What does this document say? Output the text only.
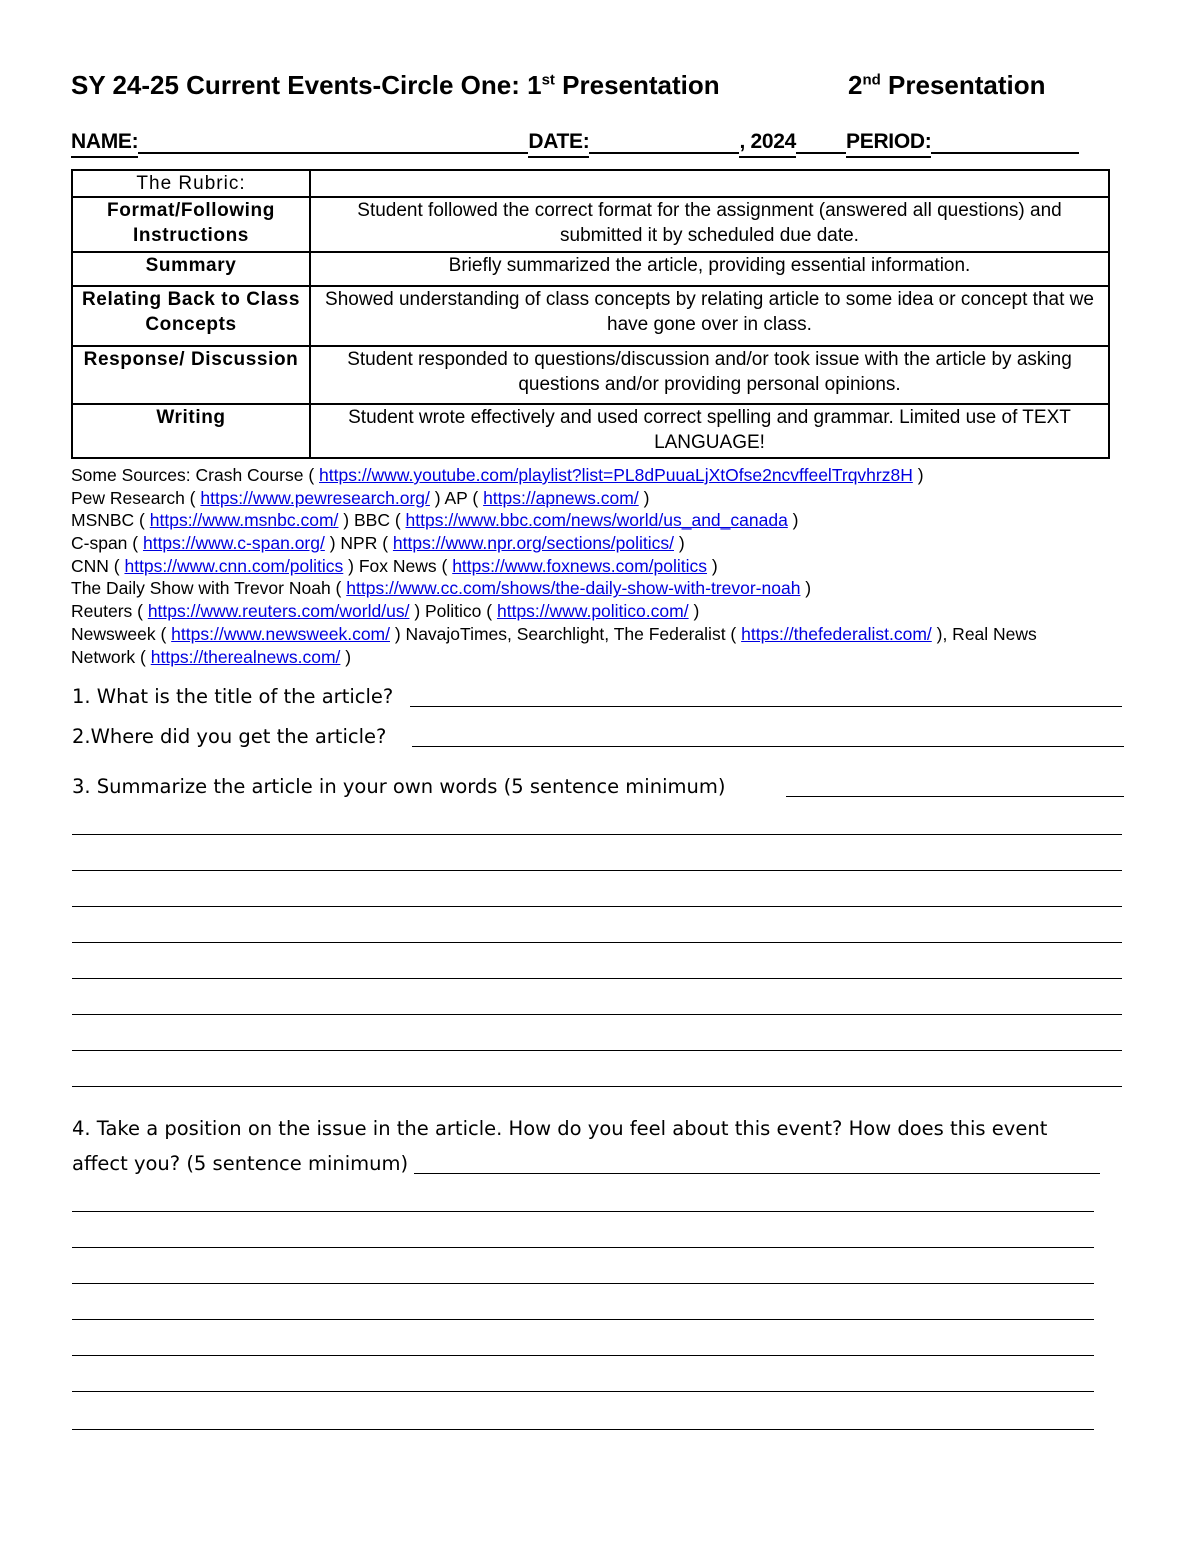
SY 24-25 Current Events-Circle One: 1st Presentation	2nd Presentation
NAME:	DATE:	, 2024 PERIOD:
The Rubric:	
Format/Following Instructions	Student followed the correct format for the assignment (answered all questions) and submitted it by scheduled due date.
Summary	Briefly summarized the article, providing essential information.
Relating Back to Class Concepts	Showed understanding of class concepts by relating article to some idea or concept that we have gone over in class.
Response/ Discussion	Student responded to questions/discussion and/or took issue with the article by asking questions and/or providing personal opinions.
Writing	Student wrote effectively and used correct spelling and grammar. Limited use of TEXT LANGUAGE!
Some Sources: Crash Course ( https://www.youtube.com/playlist?list=PL8dPuuaLjXtOfse2ncvffeelTrqvhrz8H )
Pew Research ( https://www.pewresearch.org/ ) AP ( https://apnews.com/ )
MSNBC ( https://www.msnbc.com/ ) BBC ( https://www.bbc.com/news/world/us_and_canada )
C-span ( https://www.c-span.org/ ) NPR ( https://www.npr.org/sections/politics/ )
CNN ( https://www.cnn.com/politics ) Fox News ( https://www.foxnews.com/politics )
The Daily Show with Trevor Noah ( https://www.cc.com/shows/the-daily-show-with-trevor-noah )
Reuters ( https://www.reuters.com/world/us/ ) Politico ( https://www.politico.com/ )
Newsweek ( https://www.newsweek.com/ ) NavajoTimes, Searchlight, The Federalist ( https://thefederalist.com/ ), Real News
Network ( https://therealnews.com/ )
1. What is the title of the article?
2.Where did you get the article?
3. Summarize the article in your own words (5 sentence minimum)
4. Take a position on the issue in the article. How do you feel about this event? How does this event
affect you? (5 sentence minimum)
